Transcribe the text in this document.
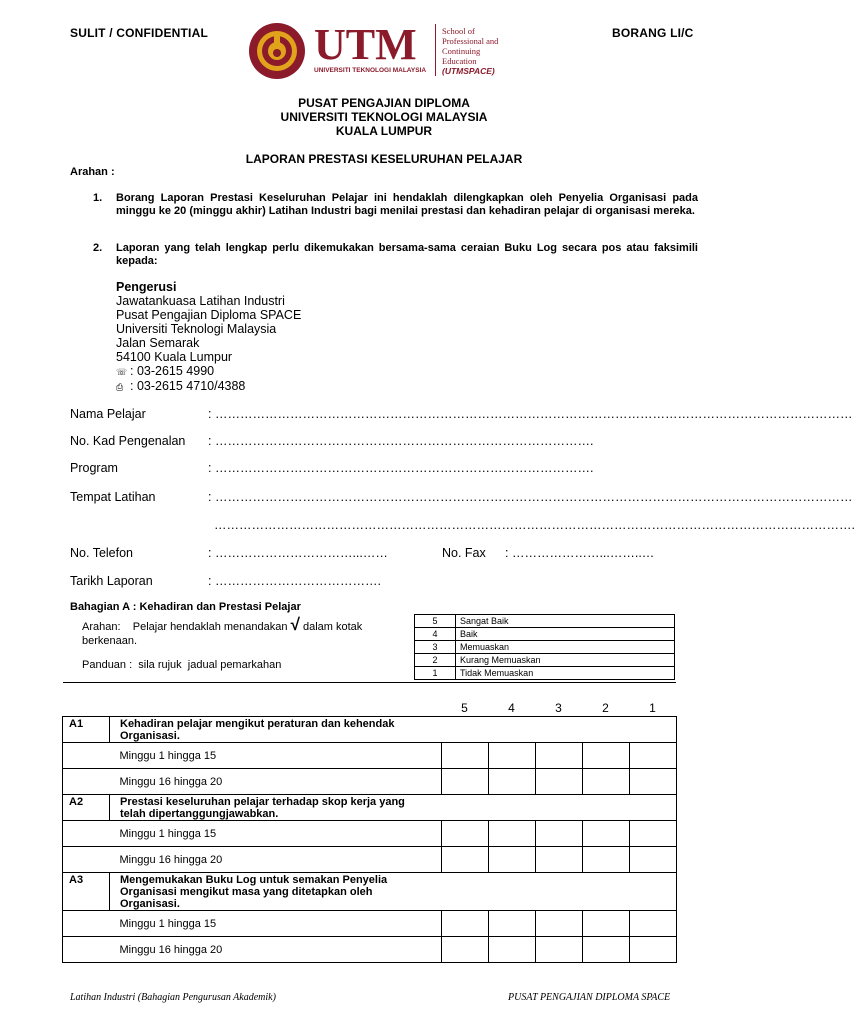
SULIT / CONFIDENTIAL	BORANG LI/C
UTM
UNIVERSITI TEKNOLOGI MALAYSIA
School of
Professional and
Continuing
Education
(UTMSPACE)
PUSAT PENGAJIAN DIPLOMA
UNIVERSITI TEKNOLOGI MALAYSIA
KUALA LUMPUR
LAPORAN PRESTASI KESELURUHAN PELAJAR
Arahan :
1. Borang Laporan Prestasi Keseluruhan Pelajar ini hendaklah dilengkapkan oleh Penyelia Organisasi pada minggu ke 20 (minggu akhir) Latihan Industri bagi menilai prestasi dan kehadiran pelajar di organisasi mereka.
2. Laporan yang telah lengkap perlu dikemukakan bersama-sama ceraian Buku Log secara pos atau faksimili kepada:
Pengerusi
Jawatankuasa Latihan Industri
Pusat Pengajian Diploma SPACE
Universiti Teknologi Malaysia
Jalan Semarak
54100 Kuala Lumpur
☏ : 03-2615 4990
⎙ : 03-2615 4710/4388
Nama Pelajar	: ………………………………………………………………………………………………………………………………………
No. Kad Pengenalan : ……………………………………………………………………………….
Program	: ……………………………………………………………………………….
Tempat Latihan	: ………………………………………………………………………………………………………………………………………
……………………………………………………………………………………………………………………………………….
No. Telefon	: ……………………………...……	No. Fax : …………………...……..…
Tarikh Laporan	: ………………………………….
Bahagian A : Kehadiran dan Prestasi Pelajar
Arahan: Pelajar hendaklah menandakan √ dalam kotak
berkenaan.
Panduan :  sila rujuk  jadual pemarkahan
5	Sangat Baik
4	Baik
3	Memuaskan
2	Kurang Memuaskan
1	Tidak Memuaskan
5	4	3	2	1
A1	Kehadiran pelajar mengikut peraturan dan kehendak Organisasi.					
	Minggu 1 hingga 15					
	Minggu 16 hingga 20					
A2	Prestasi keseluruhan pelajar terhadap skop kerja yang telah dipertanggungjawabkan.					
	Minggu 1 hingga 15					
	Minggu 16 hingga 20					
A3	Mengemukakan Buku Log untuk semakan Penyelia Organisasi mengikut masa yang ditetapkan oleh Organisasi.					
	Minggu 1 hingga 15					
	Minggu 16 hingga 20					
Latihan Industri (Bahagian Pengurusan Akademik)	PUSAT PENGAJIAN DIPLOMA SPACE
